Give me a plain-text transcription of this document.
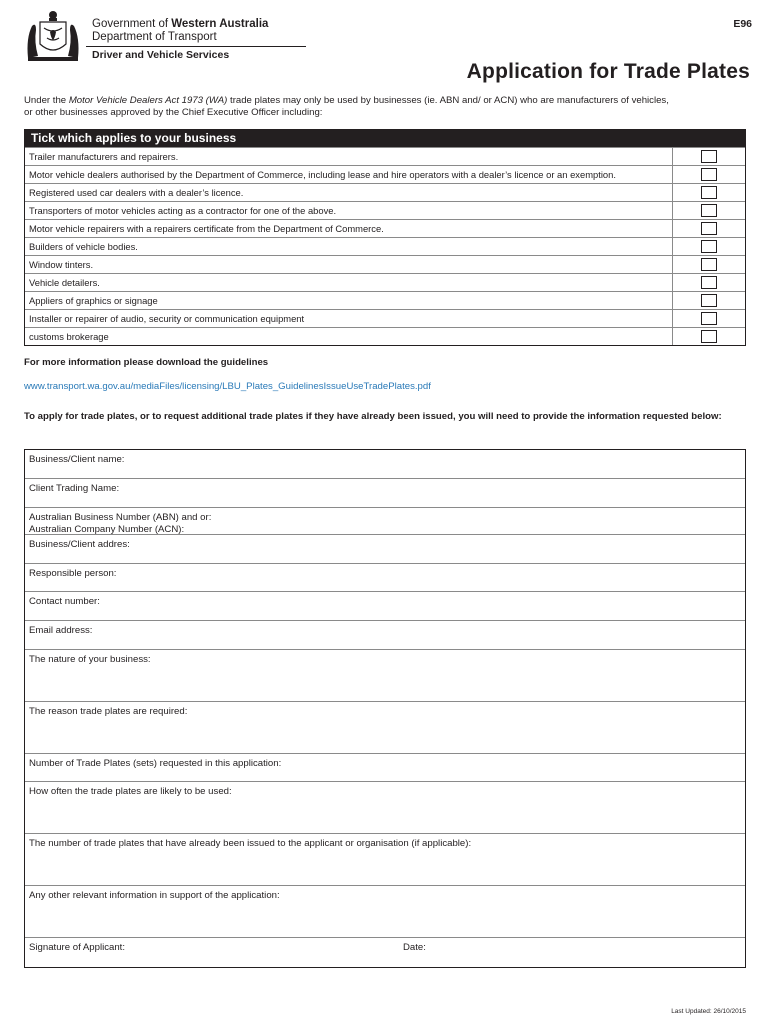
Government of Western Australia
Department of Transport
Driver and Vehicle Services
E96
Application for Trade Plates
Under the Motor Vehicle Dealers Act 1973 (WA) trade plates may only be used by businesses (ie. ABN and/ or ACN) who are manufacturers of vehicles,
or other businesses approved by the Chief Executive Officer including:
Tick which applies to your business
Trailer manufacturers and repairers.
Motor vehicle dealers authorised by the Department of Commerce, including lease and hire operators with a dealer’s licence or an exemption.
Registered used car dealers with a dealer’s licence.
Transporters of motor vehicles acting as a contractor for one of the above.
Motor vehicle repairers with a repairers certificate from the Department of Commerce.
Builders of vehicle bodies.
Window tinters.
Vehicle detailers.
Appliers of graphics or signage
Installer or repairer of audio, security or communication equipment
customs brokerage
For more information please download the guidelines
www.transport.wa.gov.au/mediaFiles/licensing/LBU_Plates_GuidelinesIssueUseTradePlates.pdf
To apply for trade plates, or to request additional trade plates if they have already been issued, you will need to provide the information requested below:
Business/Client name:
Client Trading Name:
Australian Business Number (ABN) and or:
Australian Company Number (ACN):
Business/Client addres:
Responsible person:
Contact number:
Email address:
The nature of your business:
The reason trade plates are required:
Number of Trade Plates (sets) requested in this application:
How often the trade plates are likely to be used:
The number of trade plates that have already been issued to the applicant or organisation (if applicable):
Any other relevant information in support of the application:
Signature of Applicant:	Date:
Last Updated: 26/10/2015
